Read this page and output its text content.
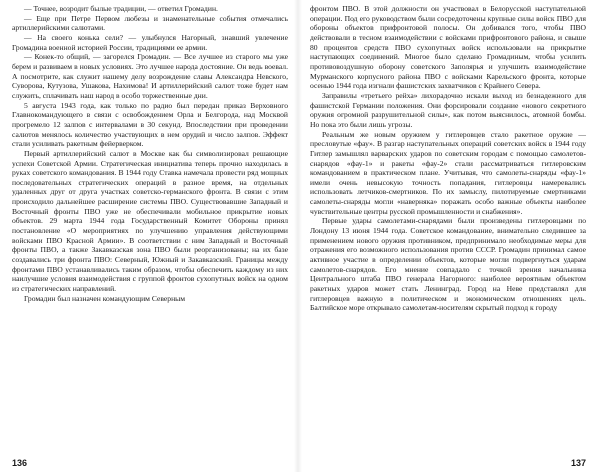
— Точнее, возродит былые традиции, — ответил Громадин.

— Еще при Петре Первом любезы и знаменательные события отмечались артиллерийскими салютами.

— На своего конька сели? — улыбнулся Нагорный, знавший увлечение Громадина военной историей России, традициями ее армии.

— Конек-то общий, — загорелся Громадин. — Все лучшее из старого мы уже берем и развиваем в новых условиях. Это лучшее народа достояние. Он ведь воевал. А посмотрите, как служит нашему делу возрождение славы Александра Невского, Суворова, Кутузова, Ушакова, Нахимова! И артиллерийский салют тоже будет нам служить, сплачивать наш народ в особо торжественные дни.

5 августа 1943 года, как только по радио был передан приказ Верховного Главнокомандующего в связи с освобождением Орла и Белгорода, над Москвой прогремело 12 залпов с интервалами в 30 секунд. Впоследствии при проведении салютов менялось количество участвующих в нем орудий и число залпов. Эффект стали усиливать ракетным фейерверком.

Первый артиллерийский салют в Москве как бы символизировал решающие успехи Советской Армии. Стратегическая инициатива теперь прочно находилась в руках советского командования. В 1944 году Ставка намечала провести ряд мощных последовательных стратегических операций в разное время, на отдельных удаленных друг от друга участках советско-германского фронта. В связи с этим происходило дальнейшее расширение системы ПВО. Существовавшие Западный и Восточный фронты ПВО уже не обеспечивали мобильное прикрытие новых объектов. 29 марта 1944 года Государственный Комитет Обороны принял постановление «О мероприятиях по улучшению управления действующими войсками ПВО Красной Армии». В соответствии с ним Западный и Восточный фронты ПВО, а также Закавказская зона ПВО были реорганизованы; на их базе создавались три фронта ПВО: Северный, Южный и Закавказский. Границы между фронтами ПВО устанавливались таким образом, чтобы обеспечить каждому из них наилучшие условия взаимодействия с группой фронтов сухопутных войск на одном из стратегических направлений.

Громадин был назначен командующим Северным

136

фронтом ПВО. В этой должности он участвовал в Белорусской наступательной операции. Под его руководством были сосредоточены крупные силы войск ПВО для обороны объектов прифронтовой полосы. Он добивался того, чтобы ПВО действовали в тесном взаимодействии с войсками прифронтового района, и свыше 80 процентов средств ПВО сухопутных войск использовали на прикрытие наступающих соединений. Многое было сделано Громадиным, чтобы усилить противовоздушную оборону советского Заполярья и улучшить взаимодействие Мурманского корпусного района ПВО с войсками Карельского фронта, которые осенью 1944 года изгнали фашистских захватчиков с Крайнего Севера.

Заправилы «третьего рейха» лихорадочно искали выход из безнадежного для фашистской Германии положения. Они форсировали создание «нового секретного оружия огромной разрушительной силы», как потом выяснилось, атомной бомбы. Но пока это были лишь угрозы.

Реальным же новым оружием у гитлеровцев стало ракетное оружие — пресловутые «фау». В разгар наступательных операций советских войск в 1944 году Гитлер замышлял варварских ударов по советским городам с помощью самолетов-снарядов «фау-1» и ракеты «фау-2» стали рассматриваться гитлеровским командованием в практическом плане. Учитывая, что самолеты-снаряды «фау-1» имели очень невысокую точность попадания, гитлеровцы намеревались использовать летчиков-смертников. По их замыслу, пилотируемые смертниками самолеты-снаряды могли «наверняка» поражать особо важные объекты наиболее чувствительные центры русской промышленности и снабжения».

Первые удары самолетами-снарядами были произведены гитлеровцами по Лондону 13 июня 1944 года. Советское командование, внимательно следившее за применением нового оружия противником, предпринимало необходимые меры для отражения его возможного использования против СССР. Громадин принимал самое активное участие в определении объектов, которые могли подвергнуться ударам самолетов-снарядов. Его мнение совпадало с точкой зрения начальника Центрального штаба ПВО генерала Нагорного: наиболее вероятным объектом ракетных ударов может стать Ленинград. Город на Неве представлял для гитлеровцев важную в политическом и экономическом отношениях цель. Балтийское море открывало самолетам-носителям скрытый подход к городу

137
